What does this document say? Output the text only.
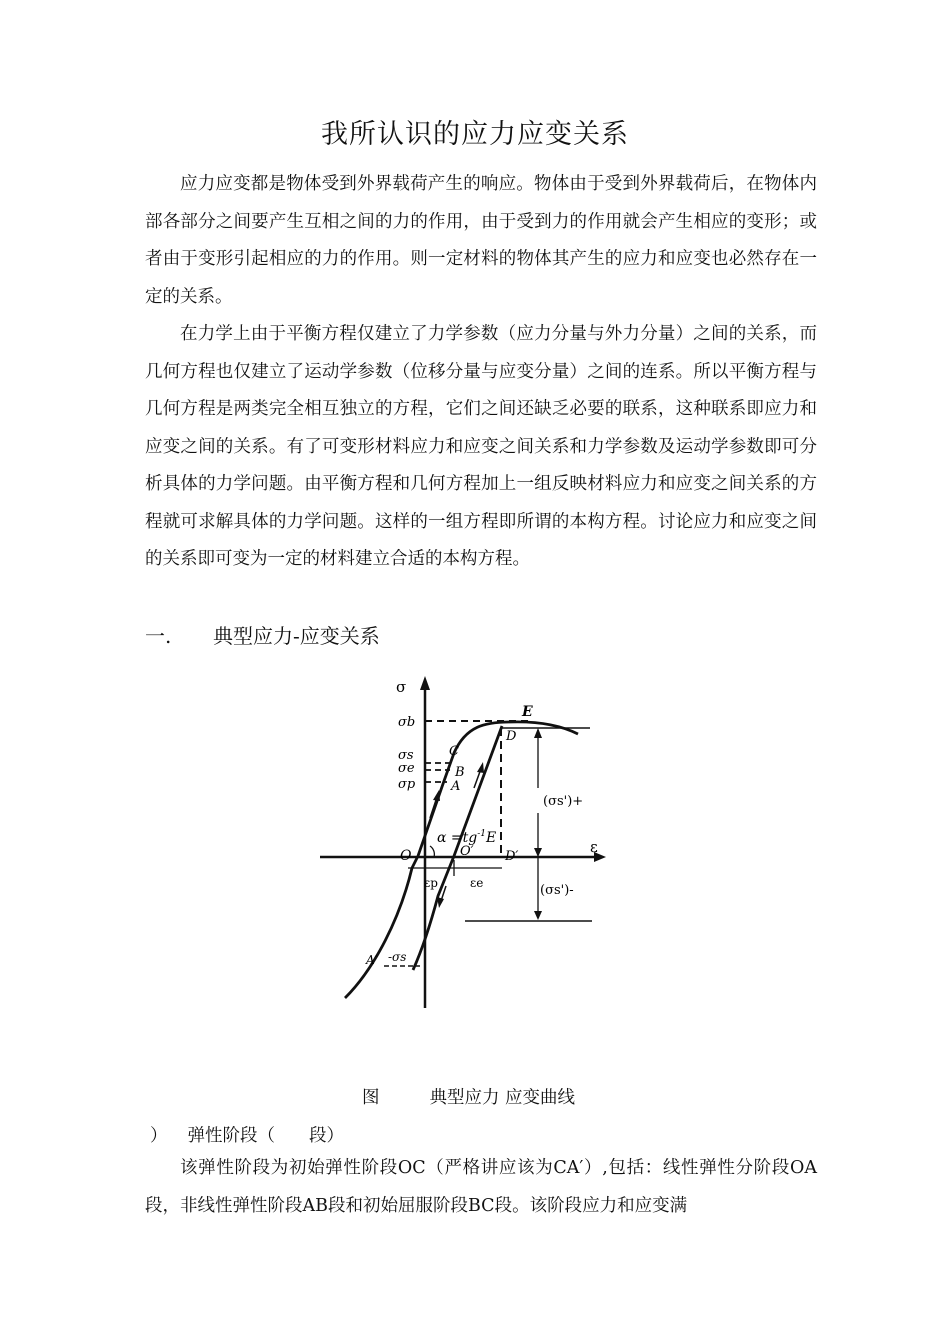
我所认识的应力应变关系

应力应变都是物体受到外界载荷产生的响应。物体由于受到外界载荷后，在物体内部各部分之间要产生互相之间的力的作用，由于受到力的作用就会产生相应的变形；或者由于变形引起相应的力的作用。则一定材料的物体其产生的应力和应变也必然存在一定的关系。

在力学上由于平衡方程仅建立了力学参数（应力分量与外力分量）之间的关系，而几何方程也仅建立了运动学参数（位移分量与应变分量）之间的连系。所以平衡方程与几何方程是两类完全相互独立的方程，它们之间还缺乏必要的联系，这种联系即应力和应变之间的关系。有了可变形材料应力和应变之间关系和力学参数及运动学参数即可分析具体的力学问题。由平衡方程和几何方程加上一组反映材料应力和应变之间关系的方程就可求解具体的力学问题。这样的一组方程即所谓的本构方程。讨论应力和应变之间的关系即可变为一定的材料建立合适的本构方程。

一. 典型应力-应变关系
σ
σb
σs
σe
σp
E
D
C
B
A
O	O′ D′
ε
$\alpha =tg^{-1}E$
εp	εe
(σs')+
(σs')-
A′ -σs
图	典型应力 应变曲线
） 弹性阶段（ 段）

该弹性阶段为初始弹性阶段OC（严格讲应该为CA′）,包括：线性弹性分阶段OA段，非线性弹性阶段AB段和初始屈服阶段BC段。该阶段应力和应变满
